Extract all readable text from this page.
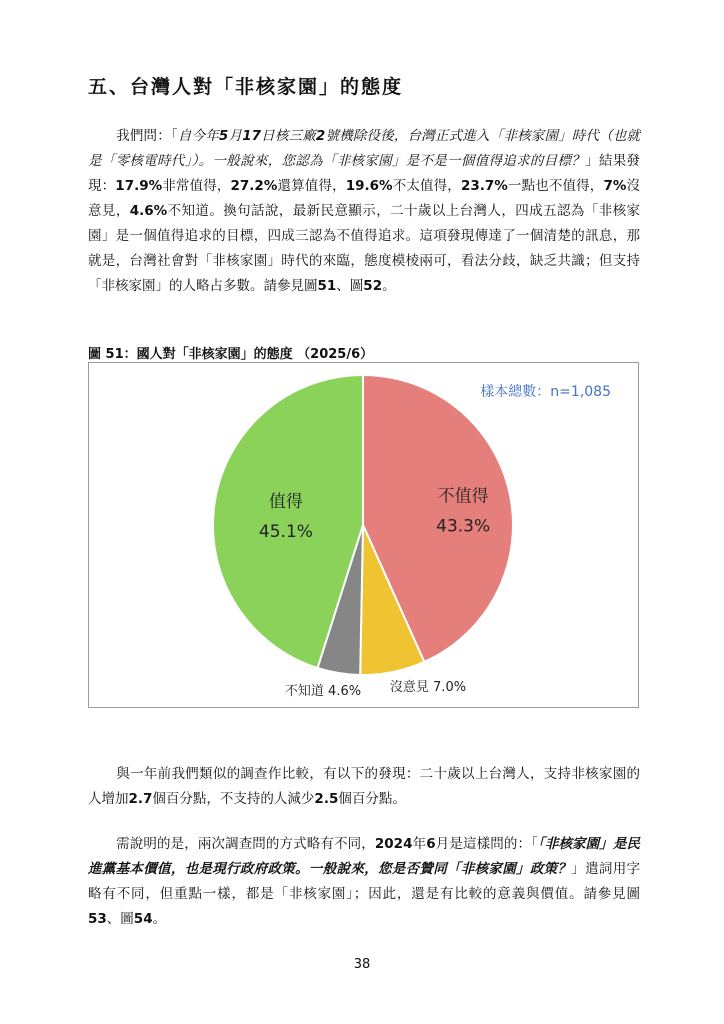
五、台灣人對「非核家園」的態度

我們問：「自今年5月17日核三廠2號機除役後，台灣正式進入「非核家園」時代（也就是「零核電時代」）。一般說來，您認為「非核家園」是不是一個值得追求的目標？」結果發現：17.9%非常值得，27.2%還算值得，19.6%不太值得，23.7%一點也不值得，7%沒意見，4.6%不知道。換句話說，最新民意顯示，二十歲以上台灣人，四成五認為「非核家園」是一個值得追求的目標，四成三認為不值得追求。這項發現傳達了一個清楚的訊息，那就是，台灣社會對「非核家園」時代的來臨，態度模棱兩可，看法分歧，缺乏共識；但支持「非核家園」的人略占多數。請參見圖51、圖52。

圖 51：國人對「非核家園」的態度 （2025/6）

樣本總數：n=1,085
不值得
43.3%
沒意見 7.0%
不知道 4.6%
值得
45.1%

與一年前我們類似的調查作比較，有以下的發現：二十歲以上台灣人，支持非核家園的人增加2.7個百分點，不支持的人減少2.5個百分點。

需說明的是，兩次調查問的方式略有不同，2024年6月是這樣問的：「「非核家園」是民進黨基本價值，也是現行政府政策。一般說來，您是否贊同「非核家園」政策？」遣詞用字略有不同，但重點一樣，都是「非核家園」；因此，還是有比較的意義與價值。請參見圖53、圖54。

38
